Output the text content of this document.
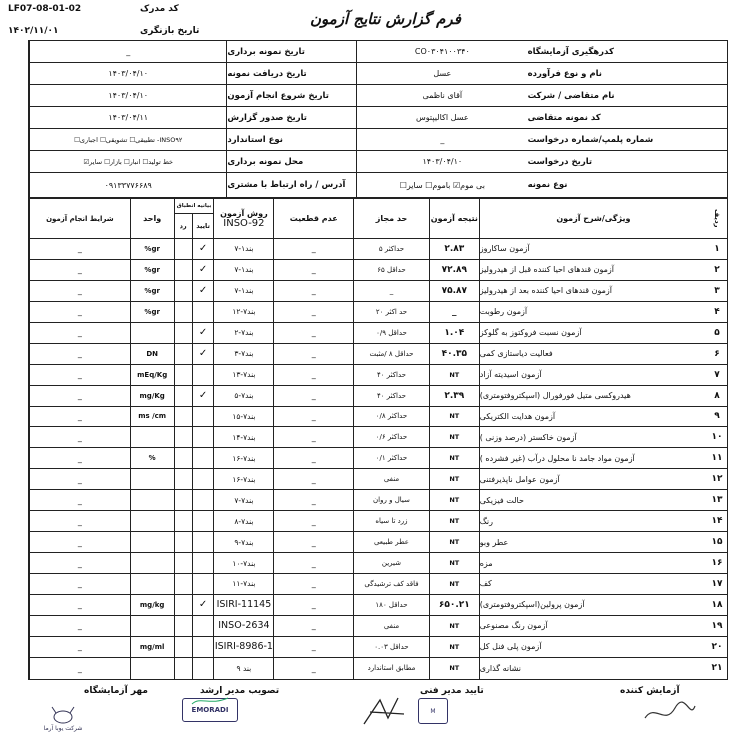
LF07-08-01-02	کد مدرک
۱۴۰۲/۱۱/۰۱	تاریخ بازنگری
فرم گزارش نتایج آزمون
کدرهگیری آزمایشگاه
CO۰۳۰۴۱۰۰۳۴۰
تاریخ نمونه برداری
_
نام و نوع فرآورده
عسل
تاریخ دریافت نمونه
۱۴۰۳/۰۴/۱۰
نام متقاضی / شرکت
آقای ناظمی
تاریخ شروع انجام آزمون
۱۴۰۳/۰۴/۱۰
کد نمونه متقاضی
عسل اکالیپتوس
تاریخ صدور گزارش
۱۴۰۳/۰۴/۱۱
شماره پلمپ/شماره درخواست
_
نوع استاندارد
INSO۹۲- تطبیقی☐ تشویقی☐ اجباری☐
تاریخ درخواست
۱۴۰۳/۰۴/۱۰
محل نمونه برداری
خط تولید☐ انبار☐ بازار☐ سایر☑
نوع نمونه
بی موم☑ باموم☐ سایر☐
آدرس / راه ارتباط با مشتری
۰۹۱۳۳۷۷۶۶۸۹
ردیف
ویژگی/شرح آزمون
نتیجه آزمون
حد مجاز
عدم قطعیت
روش آزمون
INSO-92
بیانیه انطباق
تایید
رد
واحد
شرایط انجام آزمون
۱
آزمون ساکاروز
۲.۸۳
حداکثر ۵
_
بند۱-۷
✓
gr%
_
۲
آزمون قندهای احیا کننده قبل از هیدرولیز
۷۲.۸۹
حداقل ۶۵
_
بند۱-۷
✓
gr%
_
۳
آزمون قندهای احیا کننده بعد از هیدرولیز
۷۵.۸۷
_
_
بند۱-۷
✓
gr%
_
۴
آزمون رطوبت
_
حد اکثر ۲۰
_
بند۷-۱۲
gr%
_
۵
آزمون نسبت فروکتوز به گلوکز
۱.۰۴
حداقل ۰/۹
_
بند۷-۲
✓
_
۶
فعالیت دیاستازی کمی
۴۰.۳۵
حداقل ۸ /مثبت
_
بند۷-۳
✓
DN
_
۷
آزمون اسیدیته آزاد
NT
حداکثر ۴۰
_
بند۷-۱۳
mEq/Kg
_
۸
هیدروکسی متیل فورفورال (اسپکتروفتومتری)
۲.۳۹
حداکثر ۴۰
_
بند۷-۵
✓
mg/Kg
_
۹
آزمون هدایت الکتریکی
NT
حداکثر ۰/۸
_
بند۷-۱۵
ms /cm
_
۱۰
آزمون خاکستر (درصد وزنی )
NT
حداکثر ۰/۶
_
بند۷-۱۴
_
۱۱
آزمون مواد جامد نا محلول درآب (غیر فشرده )
NT
حداکثر ۰/۱
_
بند۷-۱۶
%
_
۱۲
آزمون عوامل ناپذیرفتنی
NT
منفی
_
بند۷-۱۶
_
۱۳
حالت فیزیکی
NT
سیال و روان
_
بند۷-۷
_
۱۴
رنگ
NT
زرد تا سیاه
_
بند۷-۸
_
۱۵
عطر وبو
NT
عطر طبیعی
_
بند۷-۹
_
۱۶
مزه
NT
شیرین
_
بند۷-۱۰
_
۱۷
کف
NT
فاقد کف ترشیدگی
_
بند۷-۱۱
_
۱۸
آزمون پرولین(اسپکتروفتومتری)
۶۵۰.۲۱
حداقل ۱۸۰
_
ISIRI-11145
✓
mg/kg
_
۱۹
آزمون رنگ مصنوعی
NT
منفی
_
INSO-2634
_
۲۰
آزمون پلی فنل کل
NT
حداقل ۰.۰۳
_
ISIRI-8986-1
mg/ml
_
۲۱
نشانه گذاری
NT
مطابق استاندارد
_
بند ۹
_
آزمایش کننده
تایید مدیر فنی
تصویب مدیر ارشد
مهر آزمایشگاه
M
EMORADI
شرکت یوبا آرما
